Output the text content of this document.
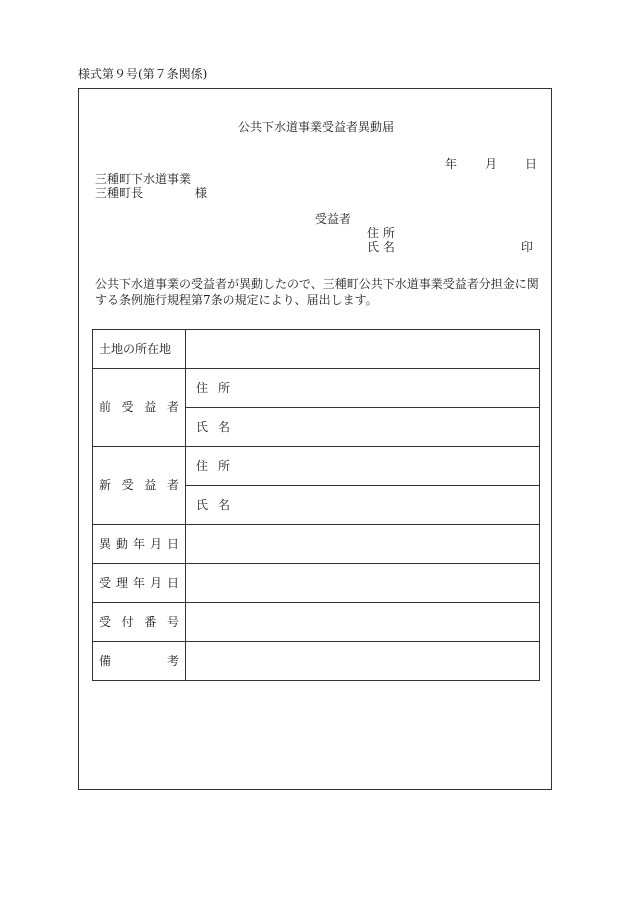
様式第９号(第７条関係)
公共下水道事業受益者異動届
年 月 日
三種町下水道事業
三種町長	様
受益者
住 所
氏 名	印
公共下水道事業の受益者が異動したので、三種町公共下水道事業受益者分担金に関する条例施行規程第7条の規定により、届出します。
土地の所在地	

前 受 益 者	住 所

	氏 名

新 受 益 者	住 所

	氏 名

異 動 年 月 日	

受 理 年 月 日	

受 付 番 号	

備 考	
